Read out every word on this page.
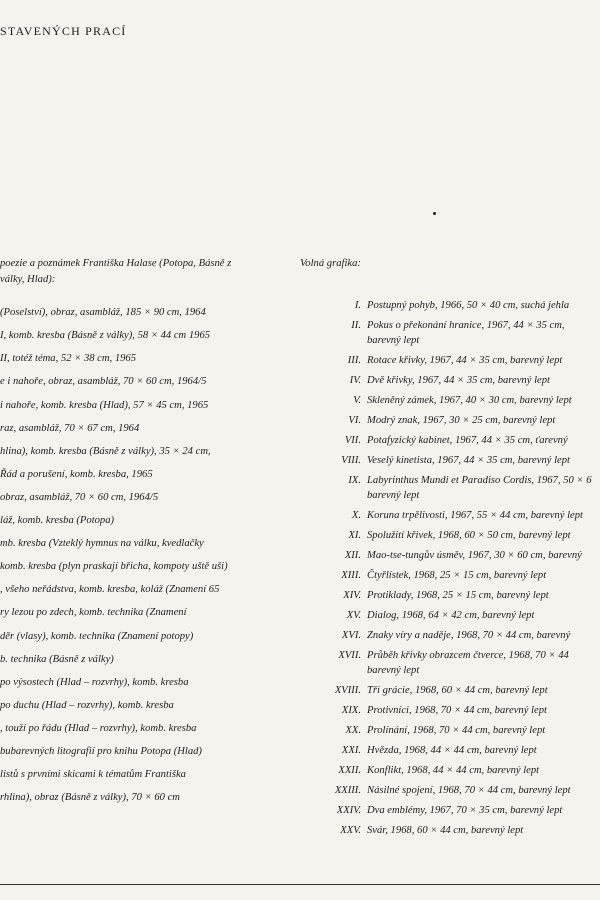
STAVENÝCH PRACÍ
poezie a poznámek Františka Halase (Potopa, Básně z války, Hlad):
(Poselství), obraz, asambláž, 185 × 90 cm, 1964
I, komb. kresba (Básně z války), 58 × 44 cm 1965
II, totéž téma, 52 × 38 cm, 1965
e i nahoře, obraz, asambláž, 70 × 60 cm, 1964/5
i nahoře, komb. kresba (Hlad), 57 × 45 cm, 1965
raz, asambláž, 70 × 67 cm, 1964
hlina), komb. kresba (Básně z války), 35 × 24 cm,
Řád a porušení, komb. kresba, 1965
obraz, asambláž, 70 × 60 cm, 1964/5
láž, komb. kresba (Potopa)
mb. kresba (Vzteklý hymnus na válku, kvedlačky
komb. kresba (plyn praskají břicha, kompoty uště uši)
, všeho neřádstva, komb. kresba, koláž (Znamení 65
ry lezou po zdech, komb. technika (Znamení
děr (vlasy), komb. technika (Znamení potopy)
b. technika (Básně z války)
po výsostech (Hlad – rozvrhy), komb. kresba
po duchu (Hlad – rozvrhy), komb. kresba
, touží po řádu (Hlad – rozvrhy), komb. kresba
bubarevných litografií pro knihu Potopa (Hlad)
listů s prvními skicami k tématům Františka
rhlina), obraz (Básně z války), 70 × 60 cm
Volná grafika:
I. Postupný pohyb, 1966, 50 × 40 cm, suchá jehla
II. Pokus o překonání hranice, 1967, 44 × 35 cm, barevný lept
III. Rotace křivky, 1967, 44 × 35 cm, barevný lept
IV. Dvě křivky, 1967, 44 × 35 cm, barevný lept
V. Skleněný zámek, 1967, 40 × 30 cm, barevný lept
VI. Modrý znak, 1967, 30 × 25 cm, barevný lept
VII. Potafyzický kabinet, 1967, 44 × 35 cm, ťarevný
VIII. Veselý kinetista, 1967, 44 × 35 cm, barevný lept
IX. Labyrinthus Mundi et Paradiso Cordis, 1967, 50 × 6 barevný lept
X. Koruna trpělivosti, 1967, 55 × 44 cm, barevný lept
XI. Spolužití křivek, 1968, 60 × 50 cm, barevný lept
XII. Mao-tse-tungův úsměv, 1967, 30 × 60 cm, barevný
XIII. Čtyřlístek, 1968, 25 × 15 cm, barevný lept
XIV. Protiklady, 1968, 25 × 15 cm, barevný lept
XV. Dialog, 1968, 64 × 42 cm, barevný lept
XVI. Znaky víry a naděje, 1968, 70 × 44 cm, barevný
XVII. Průběh křivky obrazcem čtverce, 1968, 70 × 44 barevný lept
XVIII. Tři grácie, 1968, 60 × 44 cm, barevný lept
XIX. Protivníci, 1968, 70 × 44 cm, barevný lept
XX. Prolínání, 1968, 70 × 44 cm, barevný lept
XXI. Hvězda, 1968, 44 × 44 cm, barevný lept
XXII. Konflikt, 1968, 44 × 44 cm, barevný lept
XXIII. Násilné spojení, 1968, 70 × 44 cm, barevný lept
XXIV. Dva emblémy, 1967, 70 × 35 cm, barevný lept
XXV. Svár, 1968, 60 × 44 cm, barevný lept
